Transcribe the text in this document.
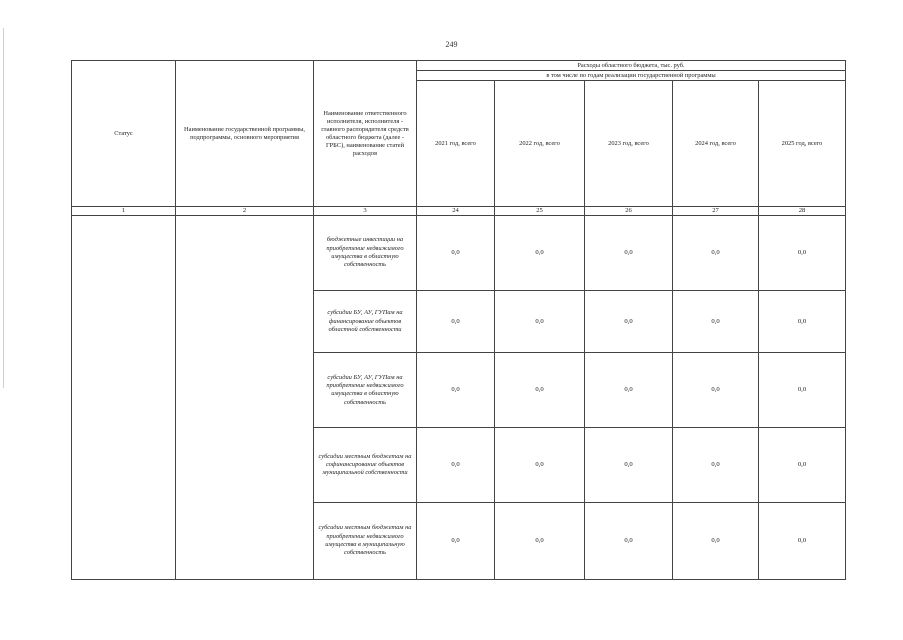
249
Статус	Наименование государственной программы, подпрограммы, основного мероприятия	Наименование ответственного исполнителя, исполнителя - главного распорядителя средств областного бюджета (далее - ГРБС), наименование статей расходов	Расходы областного бюджета, тыс. руб.				
			в том числе по годам реализации государственной программы				
			2021 год, всего	2022 год, всего	2023 год, всего	2024 год, всего	2025 год, всего
1	2	3	24	25	26	27	28
		бюджетные инвестиции на приобретение недвижимого имущества в областную собственность	0,0	0,0	0,0	0,0	0,0
		субсидии БУ, АУ, ГУПам на финансирование объектов областной собственности	0,0	0,0	0,0	0,0	0,0
		субсидии БУ, АУ, ГУПам на приобретение недвижимого имущества в областную собственность	0,0	0,0	0,0	0,0	0,0
		субсидии местным бюджетам на софинансирование объектов муниципальной собственности	0,0	0,0	0,0	0,0	0,0
		субсидии местным бюджетам на приобретение недвижимого имущества в муниципальную собственность	0,0	0,0	0,0	0,0	0,0
